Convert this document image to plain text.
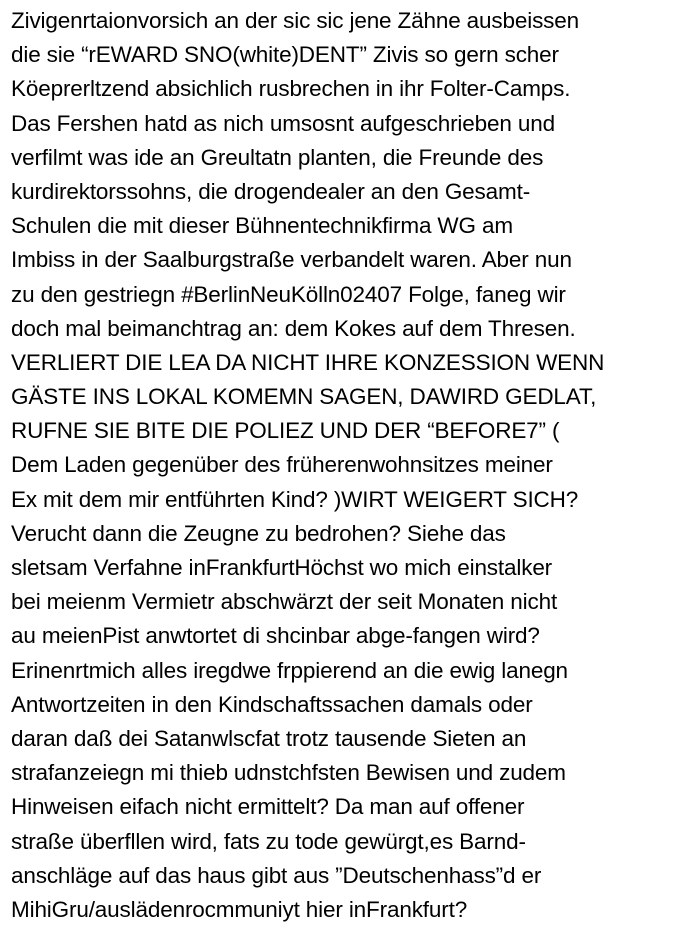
Zivigenrtaionvorsich an der sic sic jene Zähne ausbeissen
die sie “rEWARD SNO(white)DENT” Zivis so gern scher
Köeprerltzend absichlich rusbrechen in ihr Folter-Camps.
Das Fershen hatd as nich umsosnt aufgeschrieben und
verfilmt was ide an Greultatn planten, die Freunde des
kurdirektorssohns, die drogendealer an den Gesamt-
Schulen die mit dieser Bühnentechnikfirma WG am
Imbiss in der Saalburgstraße verbandelt waren. Aber nun
zu den gestriegn #BerlinNeuKölln02407 Folge, faneg wir
doch mal beimanchtrag an: dem Kokes auf dem Thresen.
VERLIERT DIE LEA DA NICHT IHRE KONZESSION WENN
GÄSTE INS LOKAL KOMEMN SAGEN, DAWIRD GEDLAT,
RUFNE SIE BITE DIE POLIEZ UND DER “BEFORE7” (
Dem Laden gegenüber des früherenwohnsitzes meiner
Ex mit dem mir entführten Kind? )WIRT WEIGERT SICH?
Verucht dann die Zeugne zu bedrohen? Siehe das
sletsam Verfahne inFrankfurtHöchst wo mich einstalker
bei meienm Vermietr abschwärzt der seit Monaten nicht
au meienPist anwtortet di shcinbar abge-fangen wird?
Erinenrtmich alles iregdwe frppierend an die ewig lanegn
Antwortzeiten in den Kindschaftssachen damals oder
daran daß dei Satanwlscfat trotz tausende Sieten an
strafanzeiegn mi thieb udnstchfsten Bewisen und zudem
Hinweisen eifach nicht ermittelt? Da man auf offener
straße überfllen wird, fats zu tode gewürgt,es Barnd-
anschläge auf das haus gibt aus ”Deutschenhass”d er
MihiGru/auslädenrocmmuniyt hier inFrankfurt?
